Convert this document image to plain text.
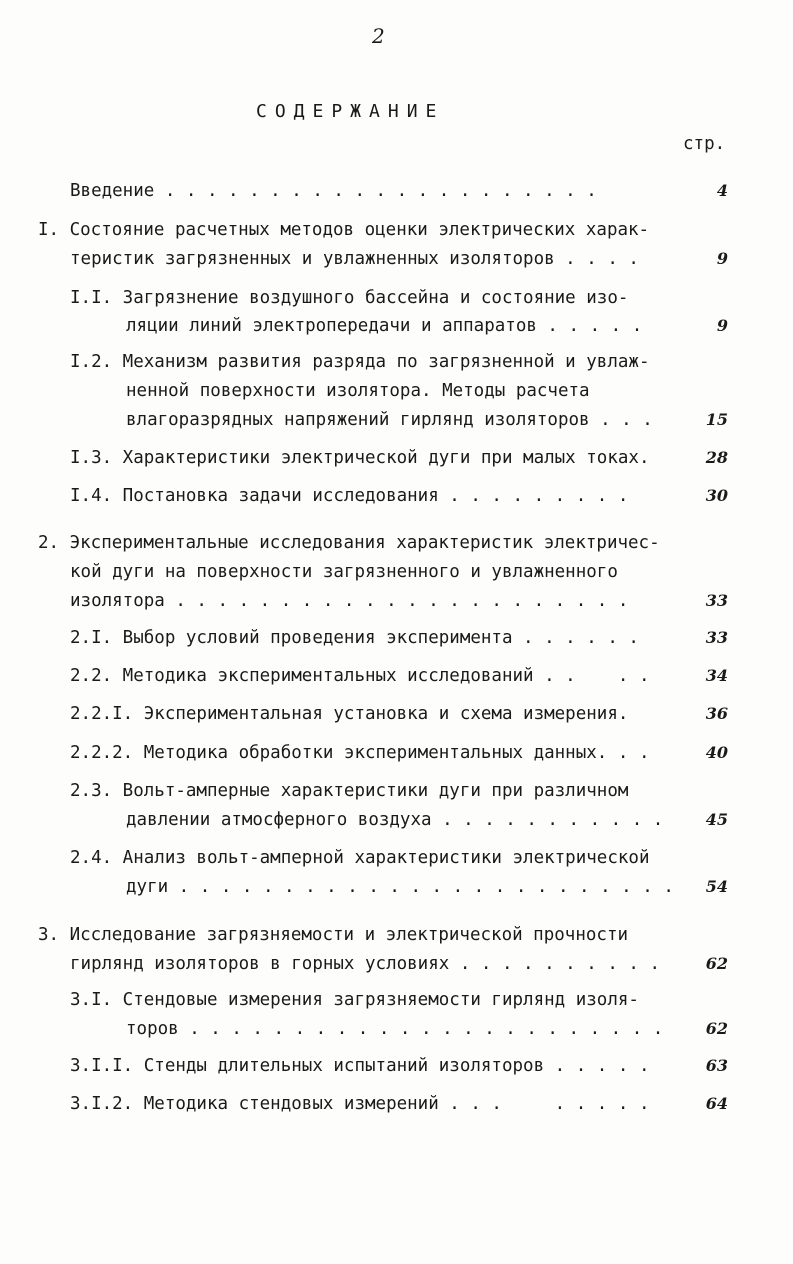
2
СОДЕРЖАНИЕ
стр.
Введение . . . . . . . . . . . . . . . . . . . . .	4
I. Состояние расчетных методов оценки электрических харак-
теристик загрязненных и увлажненных изоляторов . . . .	9
I.I. Загрязнение воздушного бассейна и состояние изо-
ляции линий электропередачи и аппаратов . . . . .	9
I.2. Механизм развития разряда по загрязненной и увлаж-
ненной поверхности изолятора. Методы расчета
влагоразрядных напряжений гирлянд изоляторов . . .	15
I.3. Характеристики электрической дуги при малых токах.	28
I.4. Постановка задачи исследования . . . . . . . . .	30
2. Экспериментальные исследования характеристик электричес-
кой дуги на поверхности загрязненного и увлажненного
изолятора . . . . . . . . . . . . . . . . . . . . . .	33
2.I. Выбор условий проведения эксперимента . . . . . .	33
2.2. Методика экспериментальных исследований . .    . .	34
2.2.I. Экспериментальная установка и схема измерения.	36
2.2.2. Методика обработки экспериментальных данных. . .	40
2.3. Вольт-амперные характеристики дуги при различном
давлении атмосферного воздуха . . . . . . . . . . .	45
2.4. Анализ вольт-амперной характеристики электрической
дуги . . . . . . . . . . . . . . . . . . . . . . . .	54
3. Исследование загрязняемости и электрической прочности
гирлянд изоляторов в горных условиях . . . . . . . . . .	62
3.I. Стендовые измерения загрязняемости гирлянд изоля-
торов . . . . . . . . . . . . . . . . . . . . . . .	62
3.I.I. Стенды длительных испытаний изоляторов . . . . .	63
3.I.2. Методика стендовых измерений . . .     . . . . .	64
